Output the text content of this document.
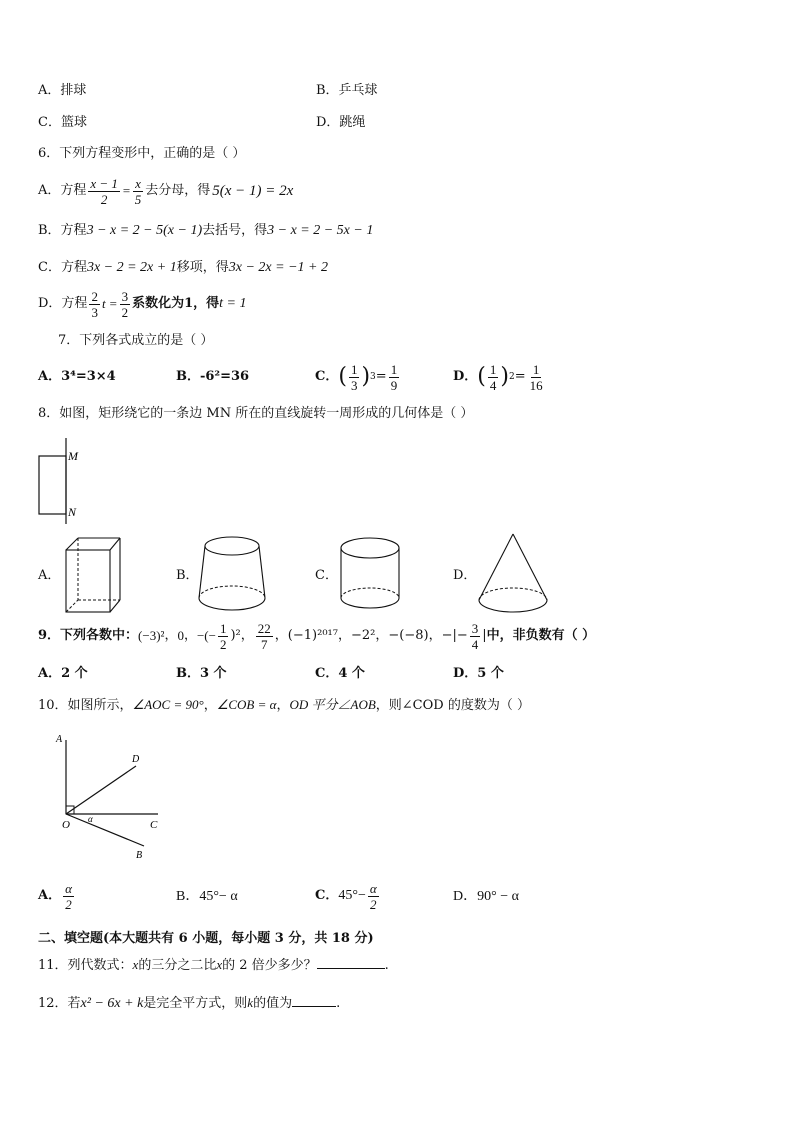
A．排球	B．乒乓球
C．篮球	D．跳绳
6．下列方程变形中，正确的是（ ）
A．方程 $\frac{x - 1}{2} = \frac{x}{5}$ 去分母，得 5(x − 1) = 2x
B．方程3 − x = 2 − 5(x − 1)去括号，得3 − x = 2 − 5x − 1
C．方程3x − 2 = 2x + 1移项，得3x − 2x = −1 + 2
D．方程 $\frac{2}{3}$ $t = \frac{3}{2}$ 系数化为1，得 t = 1
7．下列各式成立的是（ ）
A．3⁴=3×4	B．-6²=36	C． ( $\frac{1}{3}$ ) $3 = \frac{1}{9}$	D． ( $\frac{1}{4}$ ) $2 = \frac{1}{16}$
8．如图，矩形绕它的一条边 MN 所在的直线旋转一周形成的几何体是（ ）
M
N
A．	B．	C．	D．
9．下列各数中： (−3)² ， 0 ， −(− $\frac{1}{2} )^2$ ， $\frac{22}{7}$ ， (−1)²⁰¹⁷ ， −2² ， −(−8) ， −|− $\frac{3}{4}$ | 中，非负数有（ ）
A．2 个	B．3 个	C．4 个	D．5 个
10．如图所示，∠AOC = 90°，∠COB = α，OD 平分∠AOB，则∠COD 的度数为（ ）
A
D
O α	C
B
A． $\frac{\alpha}{2}$	B．45°− α	C． $45^\circ- \frac{\alpha}{2}$	D．90° − α
二、填空题(本大题共有 6 小题，每小题 3 分，共 18 分)
11．列代数式：x的三分之二比x的 2 倍少多少？	.
12．若x² − 6x + k是完全平方式，则k的值为	.
